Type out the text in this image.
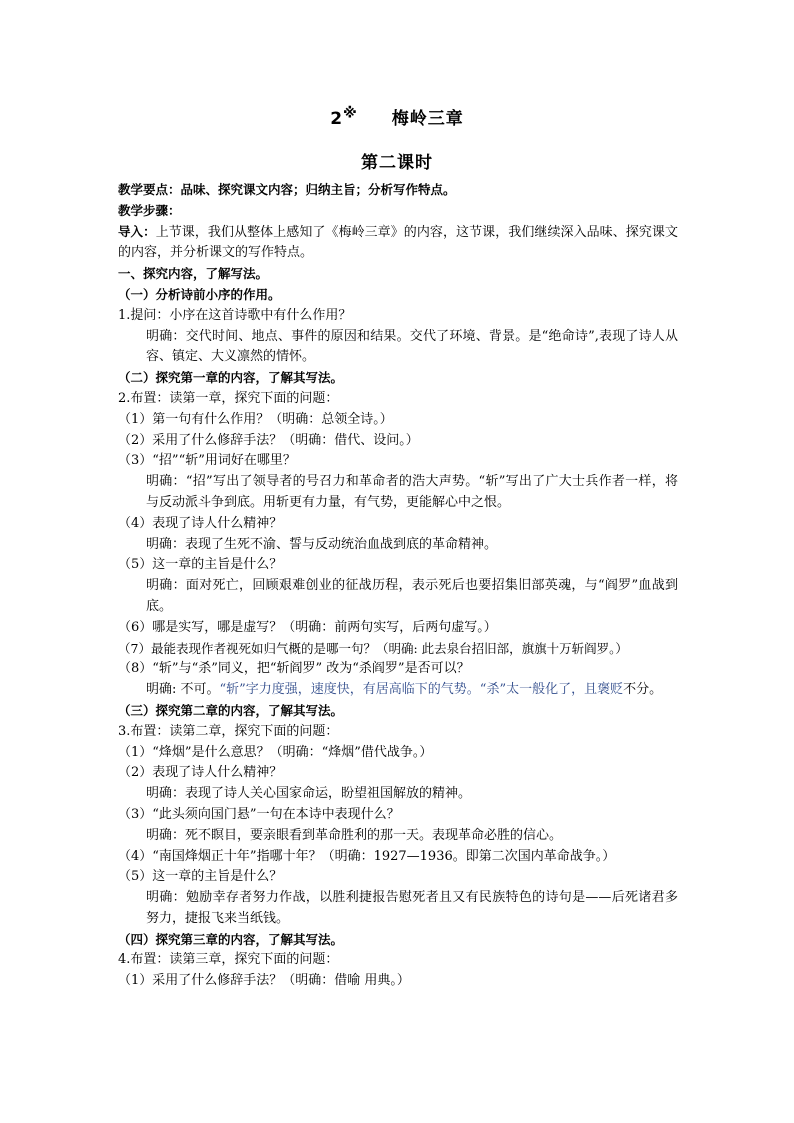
2※ 梅岭三章
第二课时
教学要点：品味、探究课文内容；归纳主旨；分析写作特点。
教学步骤：
导入：上节课，我们从整体上感知了《梅岭三章》的内容，这节课，我们继续深入品味、探究课文的内容，并分析课文的写作特点。
一、探究内容，了解写法。
（一）分析诗前小序的作用。
1.提问：小序在这首诗歌中有什么作用？
明确：交代时间、地点、事件的原因和结果。交代了环境、背景。是“绝命诗”,表现了诗人从容、镇定、大义凛然的情怀。
（二）探究第一章的内容，了解其写法。
2.布置：读第一章，探究下面的问题：
（1）第一句有什么作用？（明确：总领全诗。）
（2）采用了什么修辞手法？（明确：借代、设问。）
（3）“招”“斩”用词好在哪里？
明确：“招”写出了领导者的号召力和革命者的浩大声势。“斩”写出了广大士兵作者一样，将与反动派斗争到底。用斩更有力量，有气势，更能解心中之恨。
（4）表现了诗人什么精神？
明确：表现了生死不渝、誓与反动统治血战到底的革命精神。
（5）这一章的主旨是什么？
明确：面对死亡，回顾艰难创业的征战历程，表示死后也要招集旧部英魂，与“阎罗”血战到底。
（6）哪是实写，哪是虚写？（明确：前两句实写，后两句虚写。）
（7）最能表现作者视死如归气概的是哪一句？（明确: 此去泉台招旧部，旗旗十万斩阎罗。）
（8）“斩”与“杀”同义，把“斩阎罗” 改为“杀阎罗”是否可以？
明确: 不可。“斩”字力度强，速度快，有居高临下的气势。“杀”太一般化了，且褒贬不分。
（三）探究第二章的内容，了解其写法。
3.布置：读第二章，探究下面的问题：
（1）“烽烟”是什么意思？（明确：“烽烟”借代战争。）
（2）表现了诗人什么精神？
明确：表现了诗人关心国家命运，盼望祖国解放的精神。
（3）“此头须向国门悬”一句在本诗中表现什么？
明确：死不瞑目，要亲眼看到革命胜利的那一天。表现革命必胜的信心。
（4）“南国烽烟正十年”指哪十年？（明确：1927—1936。即第二次国内革命战争。）
（5）这一章的主旨是什么？
明确：勉励幸存者努力作战，以胜利捷报告慰死者且又有民族特色的诗句是——后死诸君多努力，捷报飞来当纸钱。
（四）探究第三章的内容，了解其写法。
4.布置：读第三章，探究下面的问题：
（1）采用了什么修辞手法？（明确：借喻 用典。）
